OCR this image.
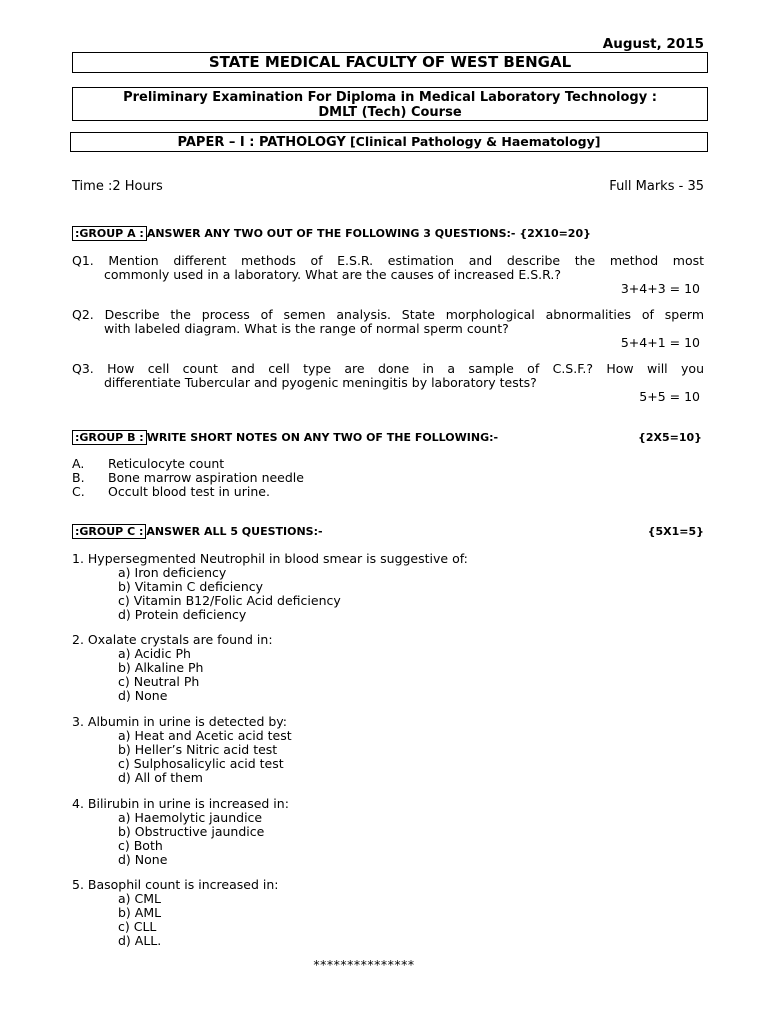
August, 2015
STATE MEDICAL FACULTY OF WEST BENGAL
Preliminary Examination For Diploma in Medical Laboratory Technology :
DMLT (Tech) Course
PAPER – I : PATHOLOGY [Clinical Pathology & Haematology]
Time :2 Hours	Full Marks - 35
:GROUP A : ANSWER ANY TWO OUT OF THE FOLLOWING 3 QUESTIONS:- {2X10=20}
Q1. Mention different methods of E.S.R. estimation and describe the method most
commonly used in a laboratory. What are the causes of increased E.S.R.?
3+4+3 = 10
Q2. Describe the process of semen analysis. State morphological abnormalities of sperm
with labeled diagram. What is the range of normal sperm count?
5+4+1 = 10
Q3. How cell count and cell type are done in a sample of C.S.F.? How will you
differentiate Tubercular and pyogenic meningitis by laboratory tests?
5+5 = 10
:GROUP B : WRITE SHORT NOTES ON ANY TWO OF THE FOLLOWING:-	{2X5=10}
A. Reticulocyte count
B. Bone marrow aspiration needle
C. Occult blood test in urine.
:GROUP C : ANSWER ALL 5 QUESTIONS:-	{5X1=5}
1. Hypersegmented Neutrophil in blood smear is suggestive of:
a) Iron deficiency
b) Vitamin C deficiency
c) Vitamin B12/Folic Acid deficiency
d) Protein deficiency
2. Oxalate crystals are found in:
a) Acidic Ph
b) Alkaline Ph
c) Neutral Ph
d) None
3. Albumin in urine is detected by:
a) Heat and Acetic acid test
b) Heller’s Nitric acid test
c) Sulphosalicylic acid test
d) All of them
4. Bilirubin in urine is increased in:
a) Haemolytic jaundice
b) Obstructive jaundice
c) Both
d) None
5. Basophil count is increased in:
a) CML
b) AML
c) CLL
d) ALL.
***************
